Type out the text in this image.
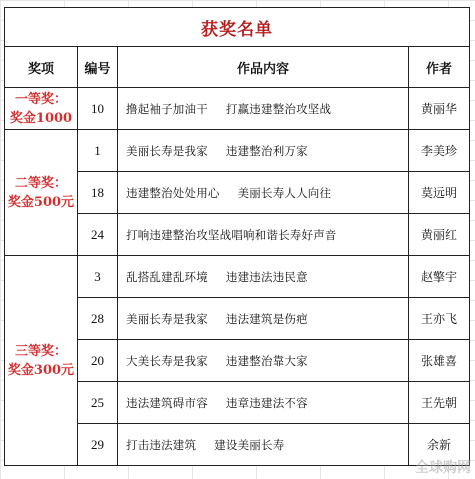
获奖名单			
奖项	编号	作品内容	作者

一等奖：
奖金1000	10	撸起袖子加油干 打赢违建整治攻坚战	黄丽华

二等奖：
奖金500元	1	美丽长寿是我家 违建整治利万家	李美珍
	18	违建整治处处用心 美丽长寿人人向往	莫远明
	24	打响违建整治攻坚战唱响和谐长寿好声音	黄丽红

三等奖：
奖金300元	3	乱搭乱建乱环境 违建违法违民意	赵擎宇
	28	美丽长寿是我家 违法建筑是伤疤	王亦飞
	20	大美长寿是我家 违建整治靠大家	张雄喜
	25	违法建筑碍市容 违章违建法不容	王先朝
	29	打击违法建筑 建设美丽长寿	余新
全球购网
